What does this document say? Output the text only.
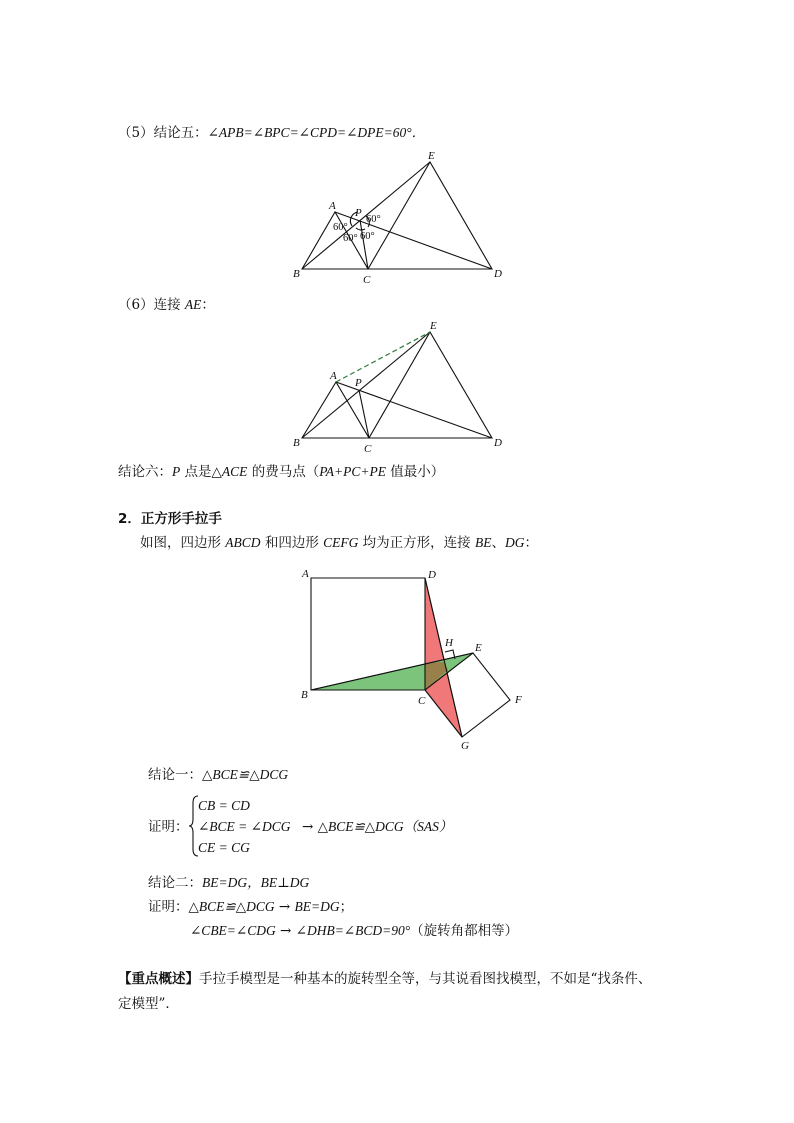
（5）结论五：∠APB=∠BPC=∠CPD=∠DPE=60°．
B
A
C	D
E
P
60°
60°
60° 60°
（6）连接 AE：
B
A
C	D
E
P
结论六：P 点是△ACE 的费马点（PA+PC+PE 值最小）
2．正方形手拉手
如图，四边形 ABCD 和四边形 CEFG 均为正方形，连接 BE、DG：
A	D
B	C
H E
F
G
结论一：△BCE≌△DCG
证明：
CB = CD
∠BCE = ∠DCG
CE = CG
→ △BCE≌△DCG（SAS）
结论二：BE=DG，BE⊥DG
证明：△BCE≌△DCG → BE=DG；
∠CBE=∠CDG → ∠DHB=∠BCD=90°（旋转角都相等）
【重点概述】手拉手模型是一种基本的旋转型全等，与其说看图找模型，不如是“找条件、
定模型”．
